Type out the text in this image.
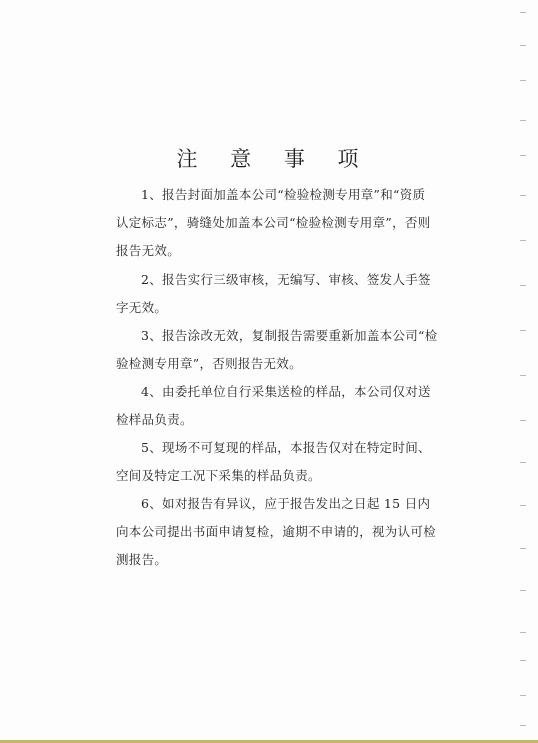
注 意 事 项
1、报告封面加盖本公司“检验检测专用章”和“资质认定标志”，骑缝处加盖本公司“检验检测专用章”，否则报告无效。
2、报告实行三级审核，无编写、审核、签发人手签字无效。
3、报告涂改无效，复制报告需要重新加盖本公司“检验检测专用章”，否则报告无效。
4、由委托单位自行采集送检的样品，本公司仅对送检样品负责。
5、现场不可复现的样品，本报告仅对在特定时间、空间及特定工况下采集的样品负责。
6、如对报告有异议，应于报告发出之日起 15 日内向本公司提出书面申请复检，逾期不申请的，视为认可检测报告。
